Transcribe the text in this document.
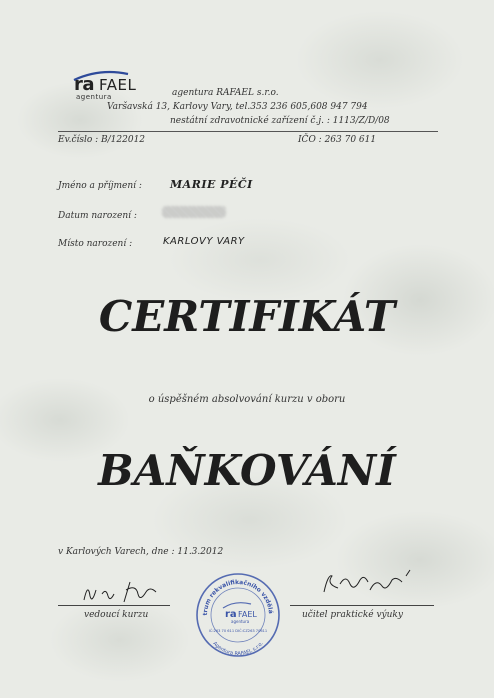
ra FAEL
agentura	agentura RAFAEL s.r.o.
Varšavská 13, Karlovy Vary, tel.353 236 605,608 947 794
nestátní zdravotnické zařízení č.j. : 1113/Z/D/08
Ev.číslo : B/122012	IČO : 263 70 611
Jméno a příjmení :	MARIE PÉČI
Datum narození :
Místo narození :	KARLOVY VARY
CERTIFIKÁT
o úspěšném absolvování kurzu v oboru
BAŇKOVÁNÍ
v Karlových Varech, dne : 11.3.2012
vedoucí kurzu	trum rekvalifikačního vzdělá
Agentura RAFAEL s.r.o.
ra FAEL
agentura
IČ:263 70 611 DIČ:CZ263 70611
učitel praktické výuky
